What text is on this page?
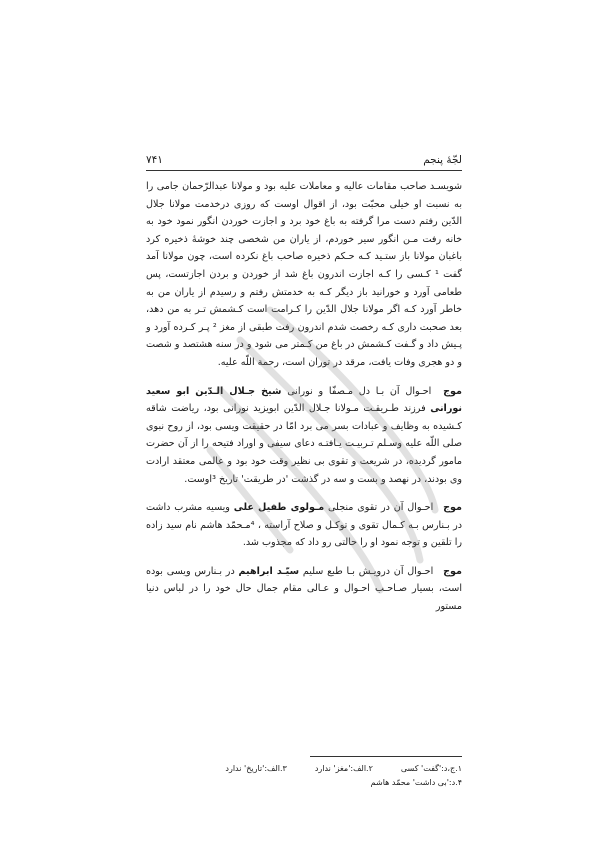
لجّهٔ پنجم
۷۴۱

شویسـد صاحب مقامات عالیه و معاملات علیه بود و مولانا عبدالرّحمان جامی را به نسبت او خیلی محبّت بود، از اقوال اوست که روزی در‌خدمت مولانا جلال الدّین رفتم دست مرا گرفته به باغ خود برد و اجازت خوردن انگور نمود خود به خانه رفت مـن انگور سیر خوردم، از یاران من شخصی چند خوشهٔ ذخیره کرد باغبان مولانا باز ستـید کـه حـکم ذخیره صاحب باغ نکرده است، چون مولانا آمد گفت ¹ کـسی را کـه اجازت اندرون باغ شد از خوردن و بردن اجازتست، پس طعامی آورد و خورانید باز دیگر کـه به خدمتش رفتم و رسیدم از یاران من به خاطر آورد کـه اگر مولانا جلال الدّین را کـرامت است کـشمش تـر به من دهد، بعد صحبت داری کـه رخصت شدم اندرون رفت طبقی از مغز ² پـر کـرده آورد و پـیش داد و گـفت کـشمش در باغ من کـمتر می شود و در سنه هشتصد و شصت و دو هجری وفات یافت، مرقد در توران است، رحمة اللّه علیه.

موج احـوال آن بـا دل مـصفّا و نورانی شیخ جـلال الـدّین ابو سعید نورانی فرزند طـریقـت مـولانا جـلال الدّین ابویزید نورانی بود، ریاضت شاقه کـشیده به وظایف و عبادات بسر می برد امّا در حقیقت ویسی بود، از روح نبوی صلی اللّه علیه وسـلم تـربیـت یـافتـه دعای سیفی و اوراد فتیحه را از آن حضرت مامور گردیده، در شریعت و تقوی بی نظیر وقت خود بود و عالمی معتقد ارادت وی بودند، در نهصد و بست و سه در گذشت 'در طریقت' تاریخ ³اوست.

موج احـوال آن در تقوی منجلی مـولوی طفیل علی ویسیه مشرب داشت در بـنارس بـه کـمال تقوی و توکـل و صلاح آراسته ، ⁴مـحمّد هاشم نام سید زاده را تلقین و توجه نمود او را حالتی رو داد که مجذوب شد.

موج احـوال آن درویـش بـا طبع سلیم سیّـد ابراهیم در بـنارس ویسی بوده است، بسیار صـاحـب احـوال و عـالی مقام جمال حال خود را در لباس دنیا مستور

۱.ج،د:'گفت' کسی
۲.الف:'مغز' ندارد
۳.الف:'تاریخ' ندارد
۴.د:'بی داشت' محمّد هاشم
